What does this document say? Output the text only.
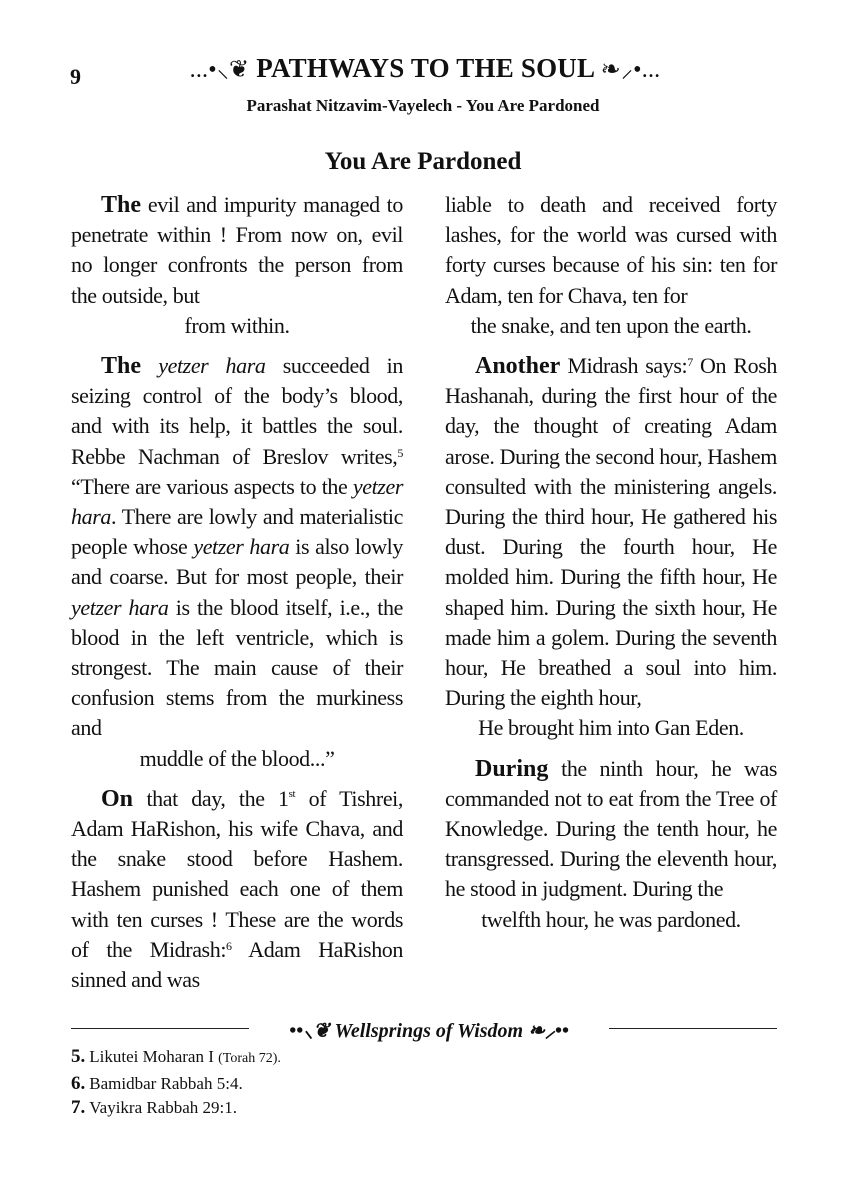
9	...•⸜❦ PATHWAYS TO THE SOUL ❧⸝•...
Parashat Nitzavim-Vayelech - You Are Pardoned
You Are Pardoned

The evil and impurity managed to penetrate within ! From now on, evil no longer confronts the person from the outside, but
from within.

The yetzer hara succeeded in seizing control of the body’s blood, and with its help, it battles the soul. Rebbe Nachman of Breslov writes,$^5$ “There are various aspects to the yetzer hara. There are lowly and materialistic people whose yetzer hara is also lowly and coarse. But for most people, their yetzer hara is the blood itself, i.e., the blood in the left ventricle, which is strongest. The main cause of their confusion stems from the murkiness and
muddle of the blood...”

On that day, the 1st of Tishrei, Adam HaRishon, his wife Chava, and the snake stood before Hashem. Hashem punished each one of them with ten curses ! These are the words of the Midrash:$^6$ Adam HaRishon sinned and was

liable to death and received forty lashes, for the world was cursed with forty curses because of his sin: ten for Adam, ten for Chava, ten for
the snake, and ten upon the earth.

Another Midrash says:$^7$ On Rosh Hashanah, during the first hour of the day, the thought of creating Adam arose. During the second hour, Hashem consulted with the ministering angels. During the third hour, He gathered his dust. During the fourth hour, He molded him. During the fifth hour, He shaped him. During the sixth hour, He made him a golem. During the seventh hour, He breathed a soul into him. During the eighth hour,
He brought him into Gan Eden.

During the ninth hour, he was commanded not to eat from the Tree of Knowledge. During the tenth hour, he transgressed. During the eleventh hour, he stood in judgment. During the
twelfth hour, he was pardoned.

••⸜❦ Wellsprings of Wisdom ❧⸝••
5. Likutei Moharan I (Torah 72).
6. Bamidbar Rabbah 5:4.
7. Vayikra Rabbah 29:1.
